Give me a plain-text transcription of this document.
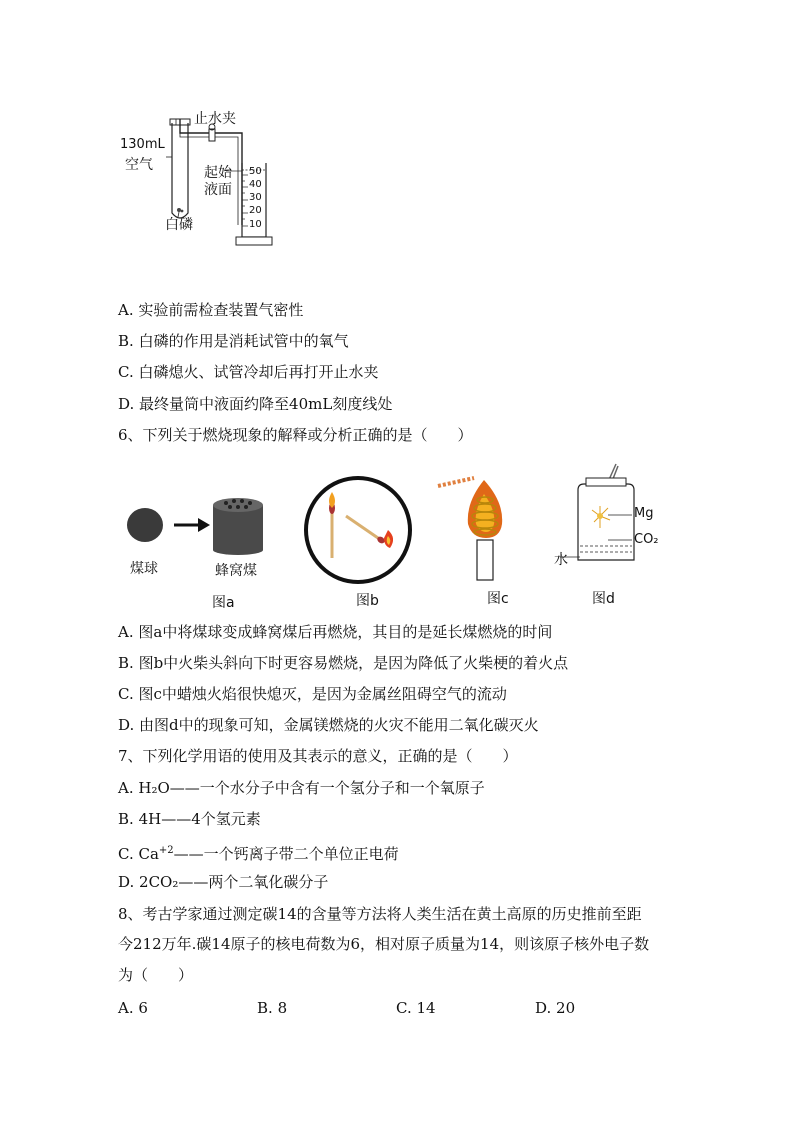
130mL
空气
止水夹
起始
液面
白磷
50
40
30
20
10
A. 实验前需检查装置气密性
B. 白磷的作用是消耗试管中的氧气
C. 白磷熄火、试管冷却后再打开止水夹
D. 最终量筒中液面约降至40mL刻度线处
6、下列关于燃烧现象的解释或分析正确的是（　　）
煤球	蜂窝煤
图a	图b	图c
Mg
CO₂
水
图d
A. 图a中将煤球变成蜂窝煤后再燃烧，其目的是延长煤燃烧的时间
B. 图b中火柴头斜向下时更容易燃烧，是因为降低了火柴梗的着火点
C. 图c中蜡烛火焰很快熄灭，是因为金属丝阻碍空气的流动
D. 由图d中的现象可知，金属镁燃烧的火灾不能用二氧化碳灭火
7、下列化学用语的使用及其表示的意义，正确的是（　　）
A. H₂O——一个水分子中含有一个氢分子和一个氧原子
B. 4H——4个氢元素
C. $Ca^{+2}——$一个钙离子带二个单位正电荷
D. 2CO₂——两个二氧化碳分子
8、考古学家通过测定碳14的含量等方法将人类生活在黄土高原的历史推前至距
今212万年.碳14原子的核电荷数为6，相对原子质量为14，则该原子核外电子数
为（　　）
A. 6	B. 8	C. 14	D. 20
